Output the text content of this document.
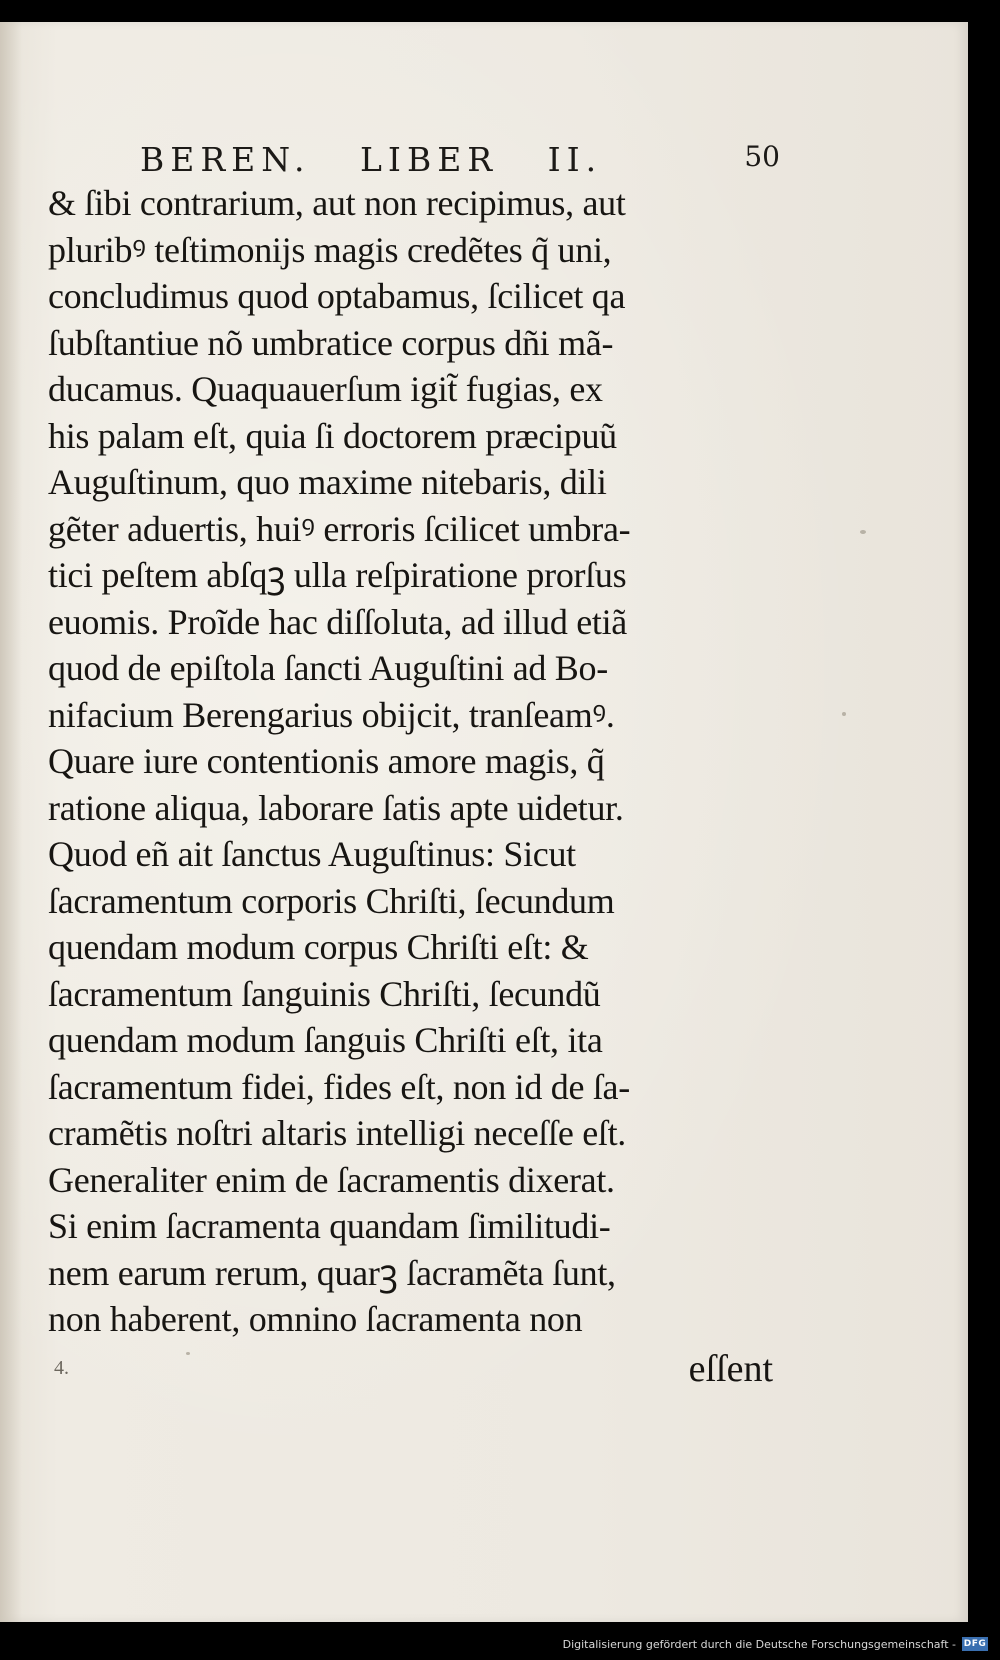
BEREN.   LIBER   II.	50
& ſibi contrarium, aut non recipimus, aut
pluribꝰ teſtimonijs magis credẽtes q̃ uni,
concludimus quod optabamus, ſcilicet qa
ſubſtantiue nõ umbratice corpus dñi mã-
ducamus. Quaquauerſum igit̃ fugias, ex
his palam eſt, quia ſi doctorem præcipuũ
Auguſtinum, quo maxime nitebaris, dili
gẽter aduertis, huiꝰ erroris ſcilicet umbra-
tici peſtem abſqꝫ ulla reſpiratione prorſus
euomis. Proĩde hac diſſoluta, ad illud etiã
quod de epiſtola ſancti Auguſtini ad Bo-
nifacium Berengarius obijcit, tranſeamꝰ.
Quare iure contentionis amore magis, q̃
ratione aliqua, laborare ſatis apte uidetur.
Quod eñ ait ſanctus Auguſtinus: Sicut
ſacramentum corporis Chriſti, ſecundum
quendam modum corpus Chriſti eſt: &
ſacramentum ſanguinis Chriſti, ſecundũ
quendam modum ſanguis Chriſti eſt, ita
ſacramentum fidei, fides eſt, non id de ſa-
cramẽtis noſtri altaris intelligi neceſſe eſt.
Generaliter enim de ſacramentis dixerat.
Si enim ſacramenta quandam ſimilitudi-
nem earum rerum, quarꝫ ſacramẽta ſunt,
non haberent, omnino ſacramenta non
4.	eſſent
Digitalisierung gefördert durch die Deutsche Forschungsgemeinschaft - DFG
